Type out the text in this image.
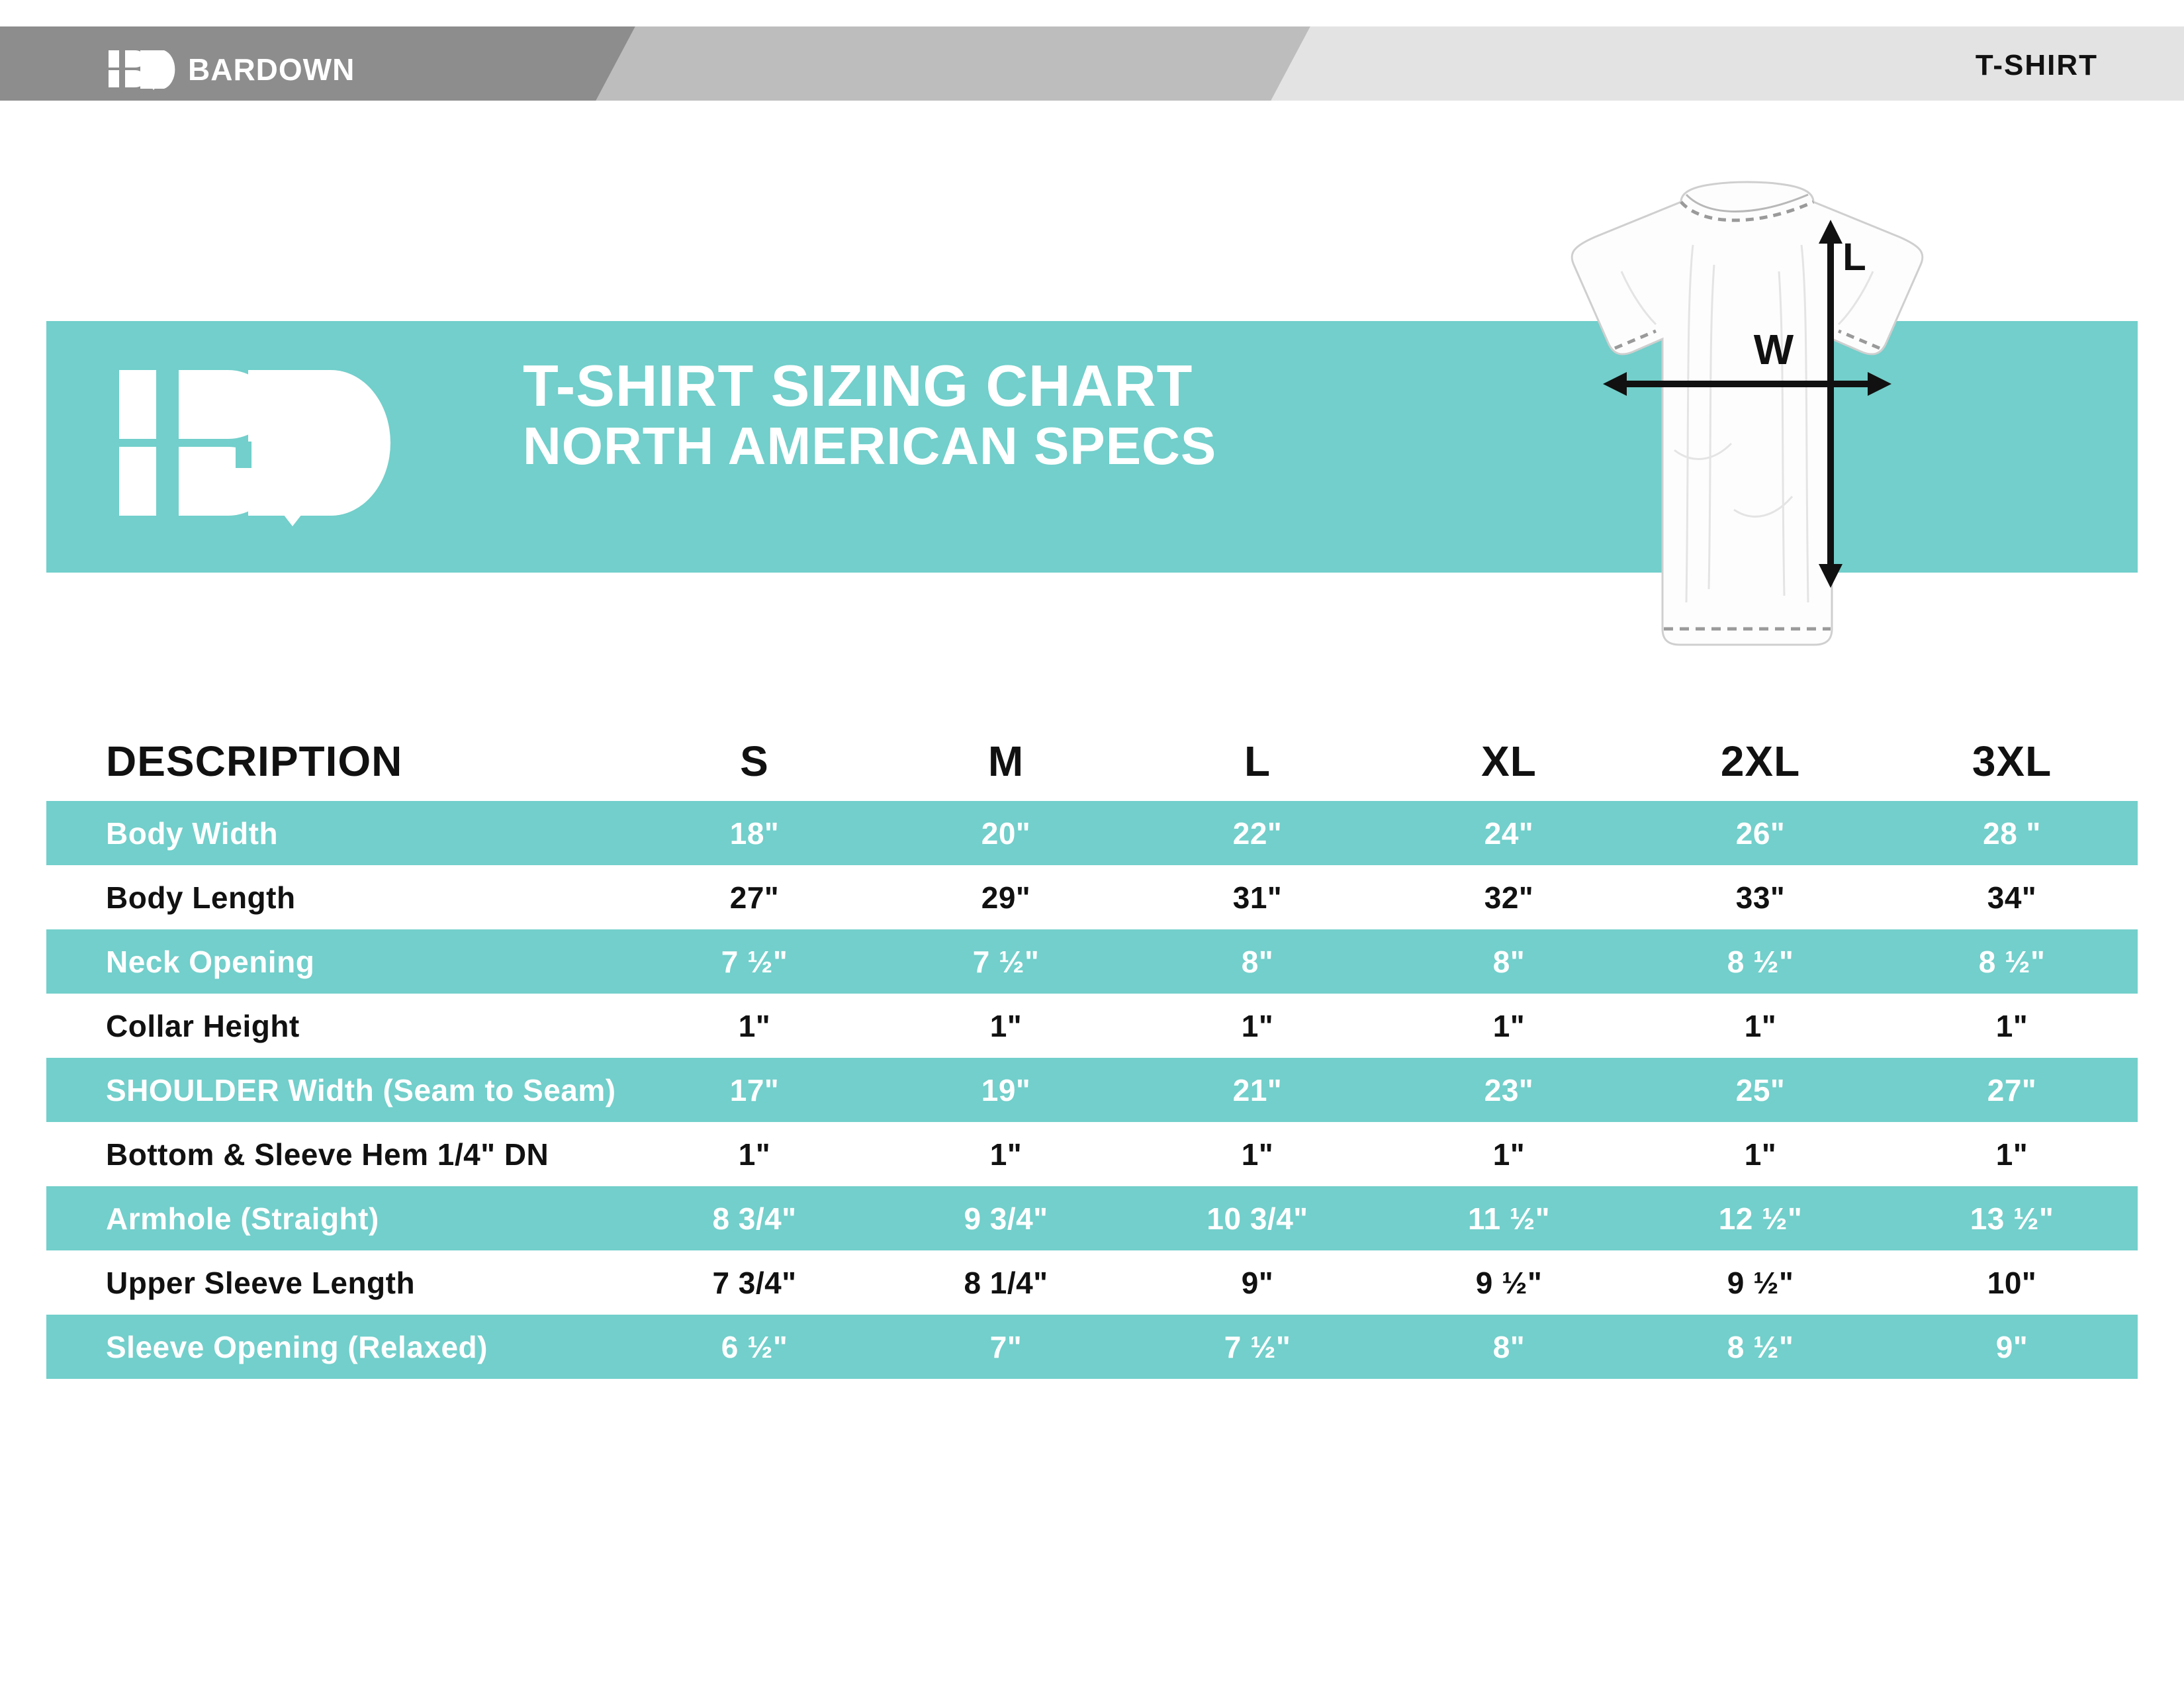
BARDOWN	T-SHIRT
T-SHIRT SIZING CHART
NORTH AMERICAN SPECS
W
L
DESCRIPTION	S	M	L	XL	2XL	3XL
Body Width	18"	20"	22"	24"	26"	28 "
Body Length	27"	29"	31"	32"	33"	34"
Neck Opening	7 ½"	7 ½"	8"	8"	8 ½"	8 ½"
Collar Height	1"	1"	1"	1"	1"	1"
SHOULDER Width (Seam to Seam)	17"	19"	21"	23"	25"	27"
Bottom & Sleeve Hem 1/4" DN	1"	1"	1"	1"	1"	1"
Armhole (Straight)	8 3/4"	9 3/4"	10 3/4"	11 ½"	12 ½"	13 ½"
Upper Sleeve Length	7 3/4"	8 1/4"	9"	9 ½"	9 ½"	10"
Sleeve Opening (Relaxed)	6 ½"	7"	7 ½"	8"	8 ½"	9"
